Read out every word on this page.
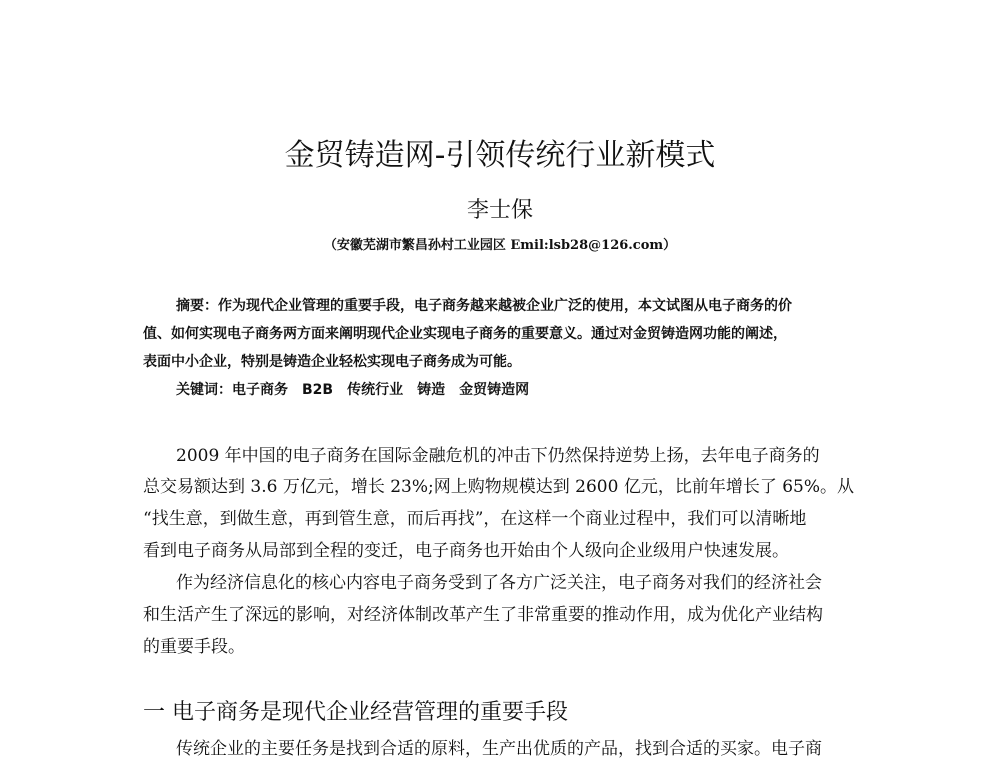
金贸铸造网-引领传统行业新模式
李士保
（安徽芜湖市繁昌孙村工业园区 Emil:lsb28@126.com）
摘要：作为现代企业管理的重要手段，电子商务越来越被企业广泛的使用，本文试图从电子商务的价
值、如何实现电子商务两方面来阐明现代企业实现电子商务的重要意义。通过对金贸铸造网功能的阐述，
表面中小企业，特别是铸造企业轻松实现电子商务成为可能。
关键词：电子商务　B2B　传统行业　铸造　金贸铸造网
2009 年中国的电子商务在国际金融危机的冲击下仍然保持逆势上扬，去年电子商务的
总交易额达到 3.6 万亿元，增长 23%;网上购物规模达到 2600 亿元，比前年增长了 65%。从
“找生意，到做生意，再到管生意，而后再找”，在这样一个商业过程中，我们可以清晰地
看到电子商务从局部到全程的变迁，电子商务也开始由个人级向企业级用户快速发展。
作为经济信息化的核心内容电子商务受到了各方广泛关注，电子商务对我们的经济社会
和生活产生了深远的影响，对经济体制改革产生了非常重要的推动作用，成为优化产业结构
的重要手段。
一 电子商务是现代企业经营管理的重要手段
传统企业的主要任务是找到合适的原料，生产出优质的产品，找到合适的买家。电子商
